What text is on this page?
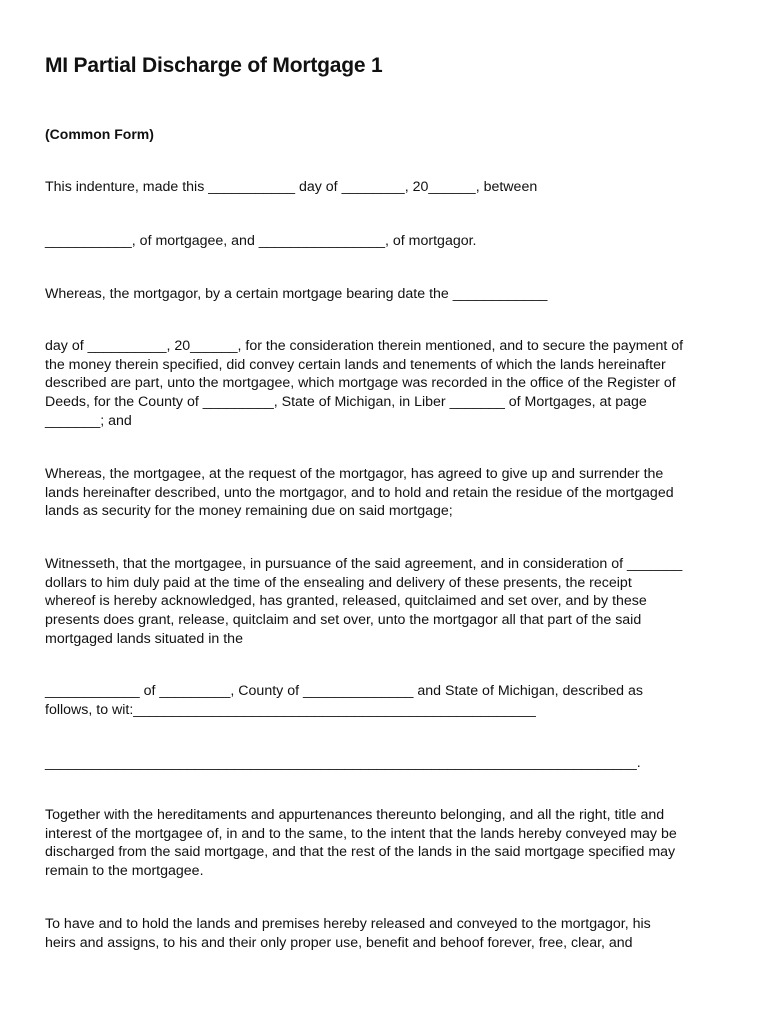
MI Partial Discharge of Mortgage 1

(Common Form)

This indenture, made this ___________ day of ________, 20______, between

___________, of mortgagee, and ________________, of mortgagor.

Whereas, the mortgagor, by a certain mortgage bearing date the ____________

day of __________, 20______, for the consideration therein mentioned, and to secure the payment of
the money therein specified, did convey certain lands and tenements of which the lands hereinafter
described are part, unto the mortgagee, which mortgage was recorded in the office of the Register of
Deeds, for the County of _________, State of Michigan, in Liber _______ of Mortgages, at page
_______; and

Whereas, the mortgagee, at the request of the mortgagor, has agreed to give up and surrender the
lands hereinafter described, unto the mortgagor, and to hold and retain the residue of the mortgaged
lands as security for the money remaining due on said mortgage;

Witnesseth, that the mortgagee, in pursuance of the said agreement, and in consideration of _______
dollars to him duly paid at the time of the ensealing and delivery of these presents, the receipt
whereof is hereby acknowledged, has granted, released, quitclaimed and set over, and by these
presents does grant, release, quitclaim and set over, unto the mortgagor all that part of the said
mortgaged lands situated in the

____________ of _________, County of ______________ and State of Michigan, described as
follows, to wit:___________________________________________________

___________________________________________________________________________.

Together with the hereditaments and appurtenances thereunto belonging, and all the right, title and
interest of the mortgagee of, in and to the same, to the intent that the lands hereby conveyed may be
discharged from the said mortgage, and that the rest of the lands in the said mortgage specified may
remain to the mortgagee.

To have and to hold the lands and premises hereby released and conveyed to the mortgagor, his
heirs and assigns, to his and their only proper use, benefit and behoof forever, free, clear, and
